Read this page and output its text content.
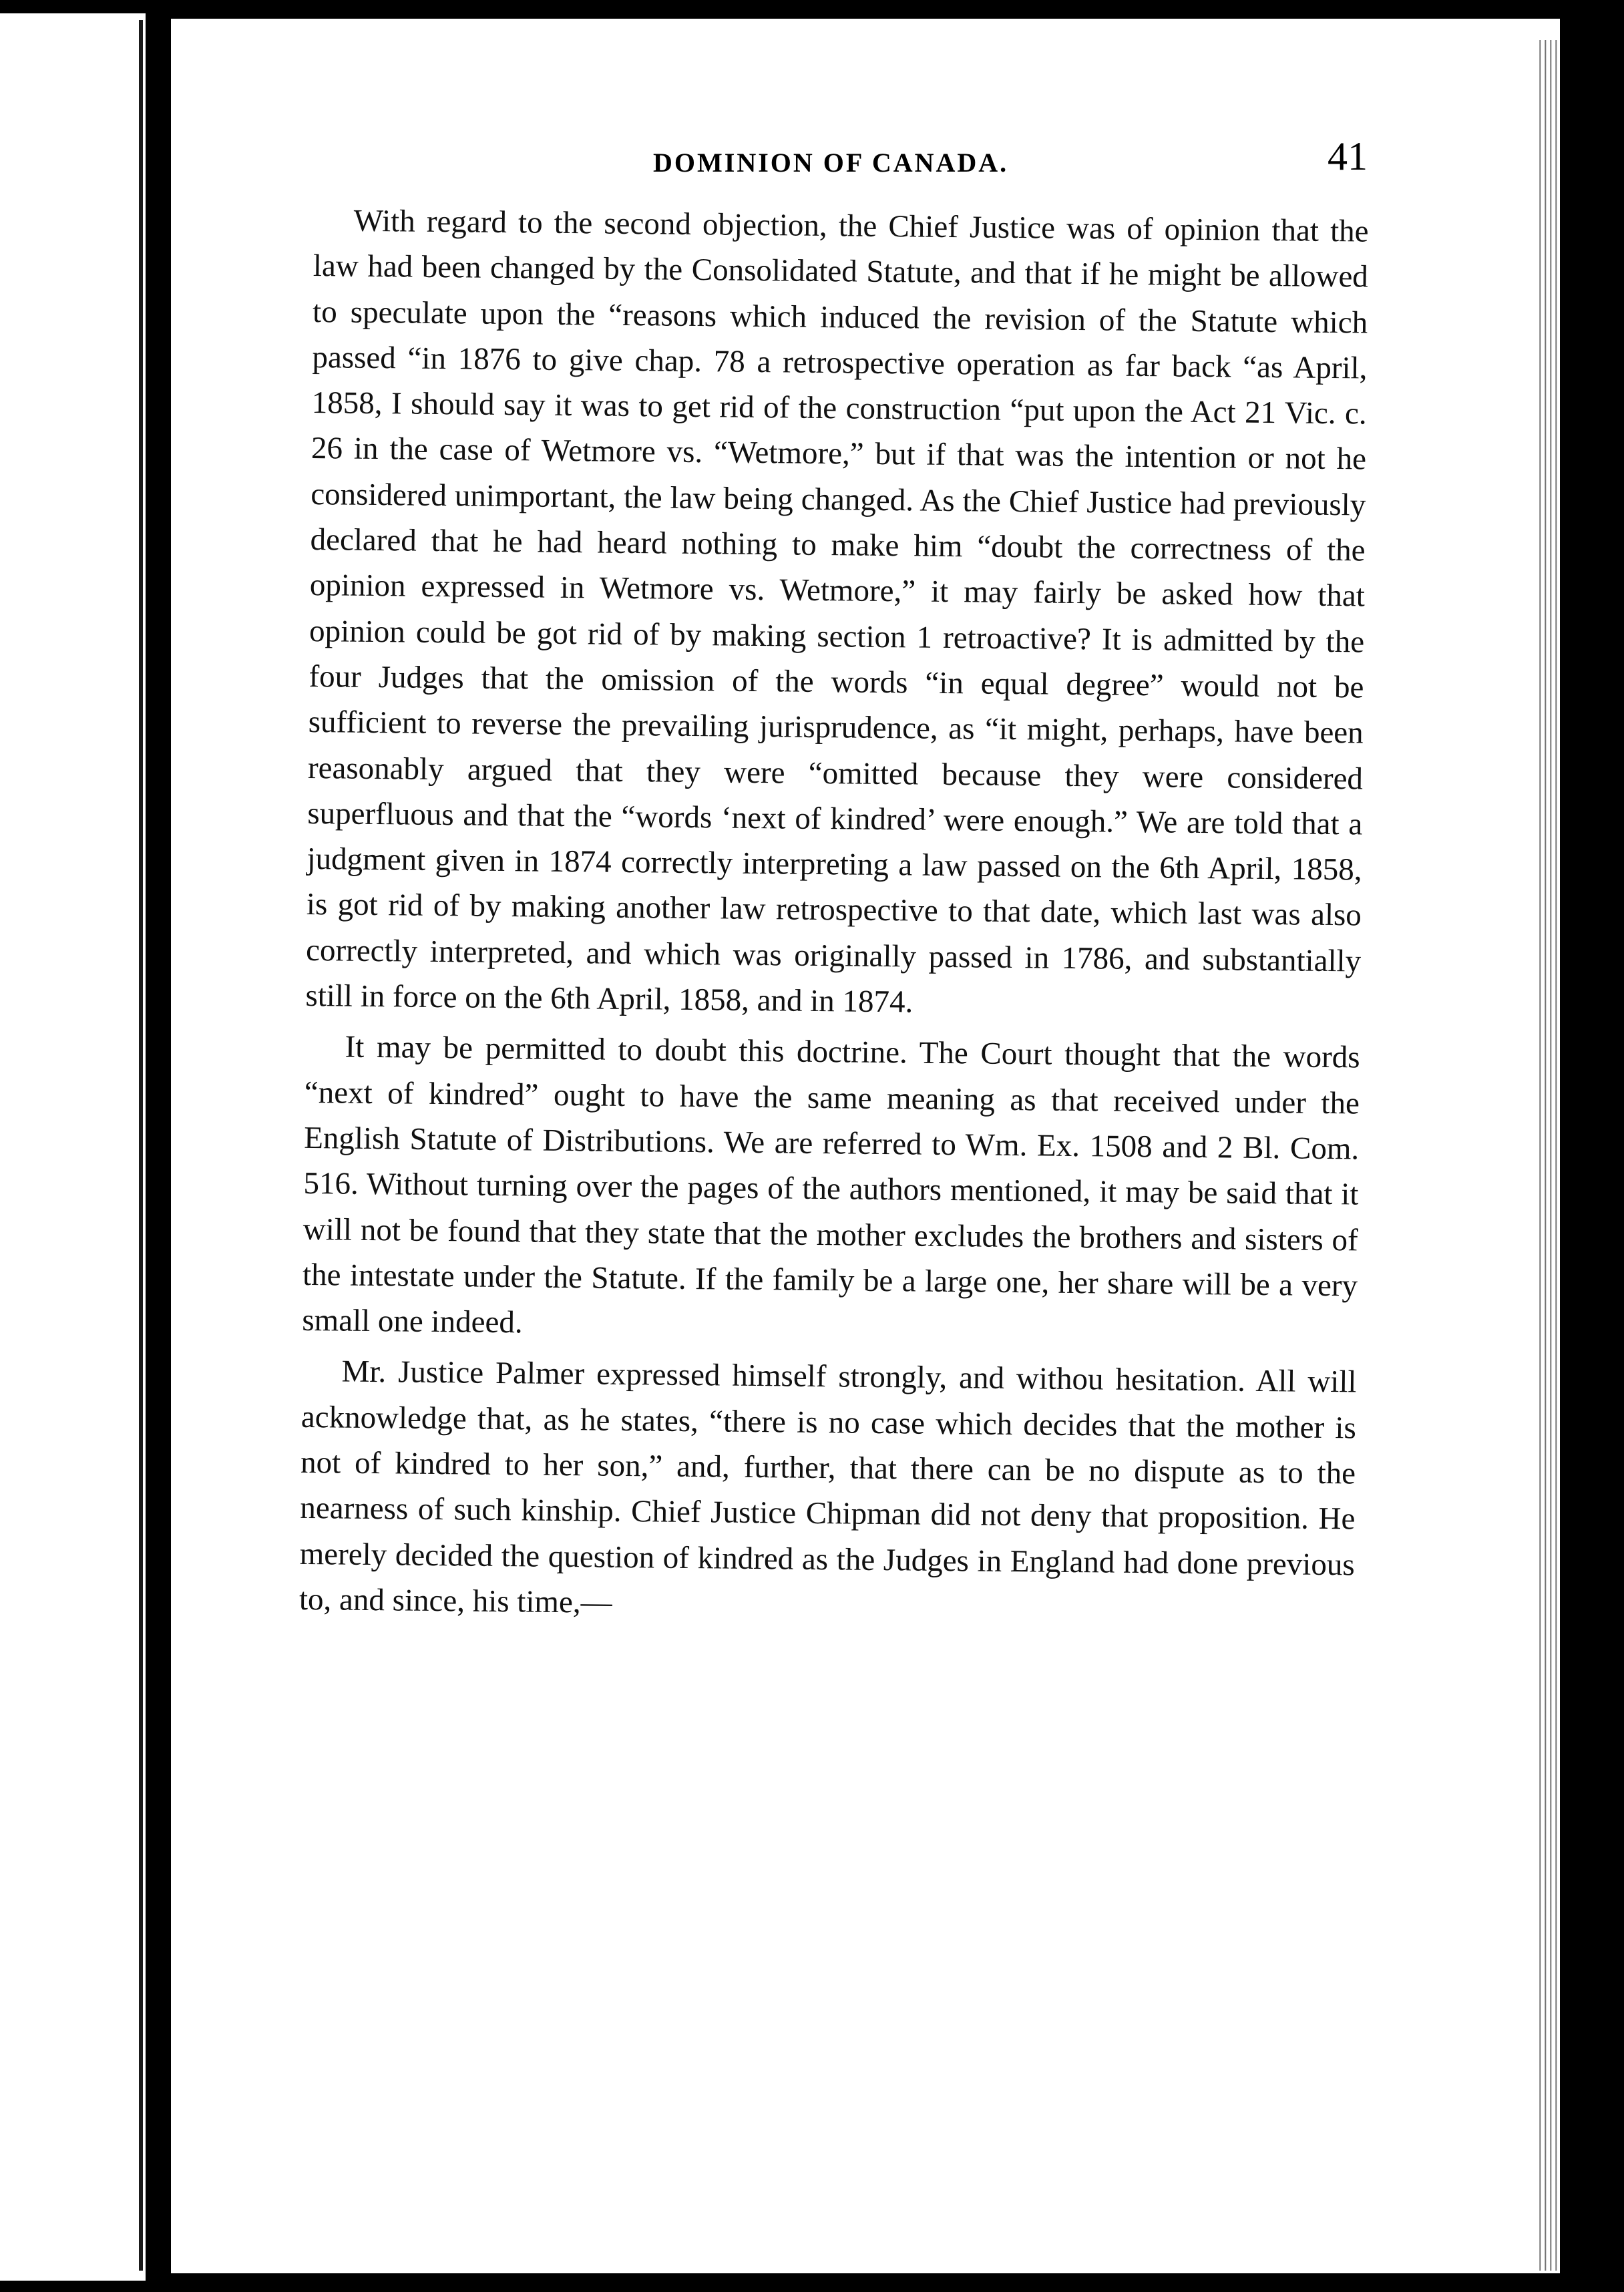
DOMINION OF CANADA.	41

With regard to the second objection, the Chief Justice was of opinion that the law had been changed by the Consolidated Statute, and that if he might be allowed to speculate upon the “reasons which induced the revision of the Statute which passed “in 1876 to give chap. 78 a retrospective operation as far back “as April, 1858, I should say it was to get rid of the construction “put upon the Act 21 Vic. c. 26 in the case of Wetmore vs. “Wetmore,” but if that was the intention or not he considered unimportant, the law being changed. As the Chief Justice had previously declared that he had heard nothing to make him “doubt the correctness of the opinion expressed in Wetmore vs. Wetmore,” it may fairly be asked how that opinion could be got rid of by making section 1 retroactive? It is admitted by the four Judges that the omission of the words “in equal degree” would not be sufficient to reverse the prevailing jurisprudence, as “it might, perhaps, have been reasonably argued that they were “omitted because they were considered superfluous and that the “words ‘next of kindred’ were enough.” We are told that a judgment given in 1874 correctly interpreting a law passed on the 6th April, 1858, is got rid of by making another law retrospective to that date, which last was also correctly interpreted, and which was originally passed in 1786, and substantially still in force on the 6th April, 1858, and in 1874.

It may be permitted to doubt this doctrine. The Court thought that the words “next of kindred” ought to have the same meaning as that received under the English Statute of Distributions. We are referred to Wm. Ex. 1508 and 2 Bl. Com. 516. Without turning over the pages of the authors mentioned, it may be said that it will not be found that they state that the mother excludes the brothers and sisters of the intestate under the Statute. If the family be a large one, her share will be a very small one indeed.

Mr. Justice Palmer expressed himself strongly, and withou hesitation. All will acknowledge that, as he states, “there is no case which decides that the mother is not of kindred to her son,” and, further, that there can be no dispute as to the nearness of such kinship. Chief Justice Chipman did not deny that proposition. He merely decided the question of kindred as the Judges in England had done previous to, and since, his time,—
